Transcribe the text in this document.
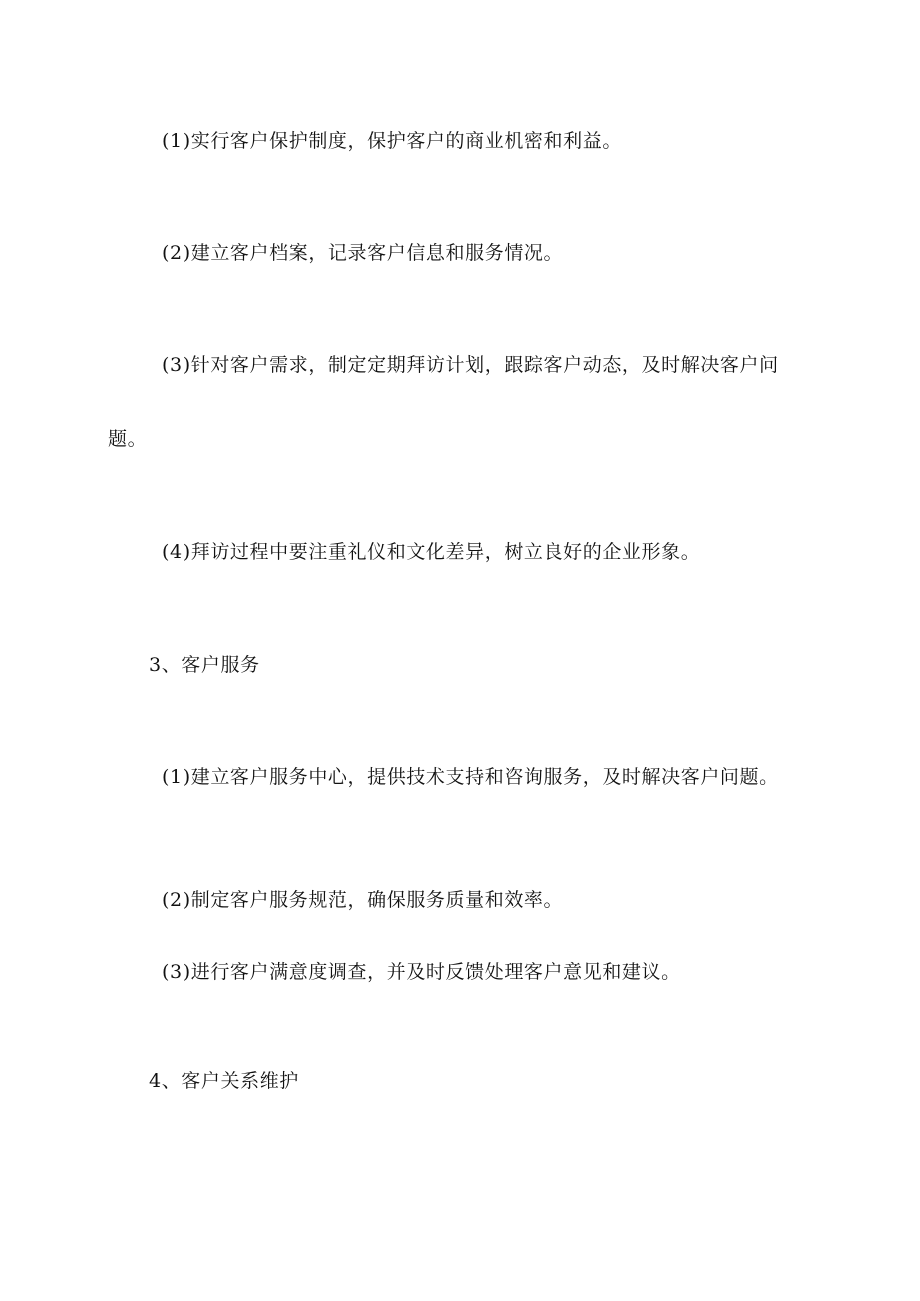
(1)实行客户保护制度，保护客户的商业机密和利益。
(2)建立客户档案，记录客户信息和服务情况。
(3)针对客户需求，制定定期拜访计划，跟踪客户动态，及时解决客户问
题。
(4)拜访过程中要注重礼仪和文化差异，树立良好的企业形象。
3、客户服务
(1)建立客户服务中心，提供技术支持和咨询服务，及时解决客户问题。
(2)制定客户服务规范，确保服务质量和效率。
(3)进行客户满意度调查，并及时反馈处理客户意见和建议。
4、客户关系维护
